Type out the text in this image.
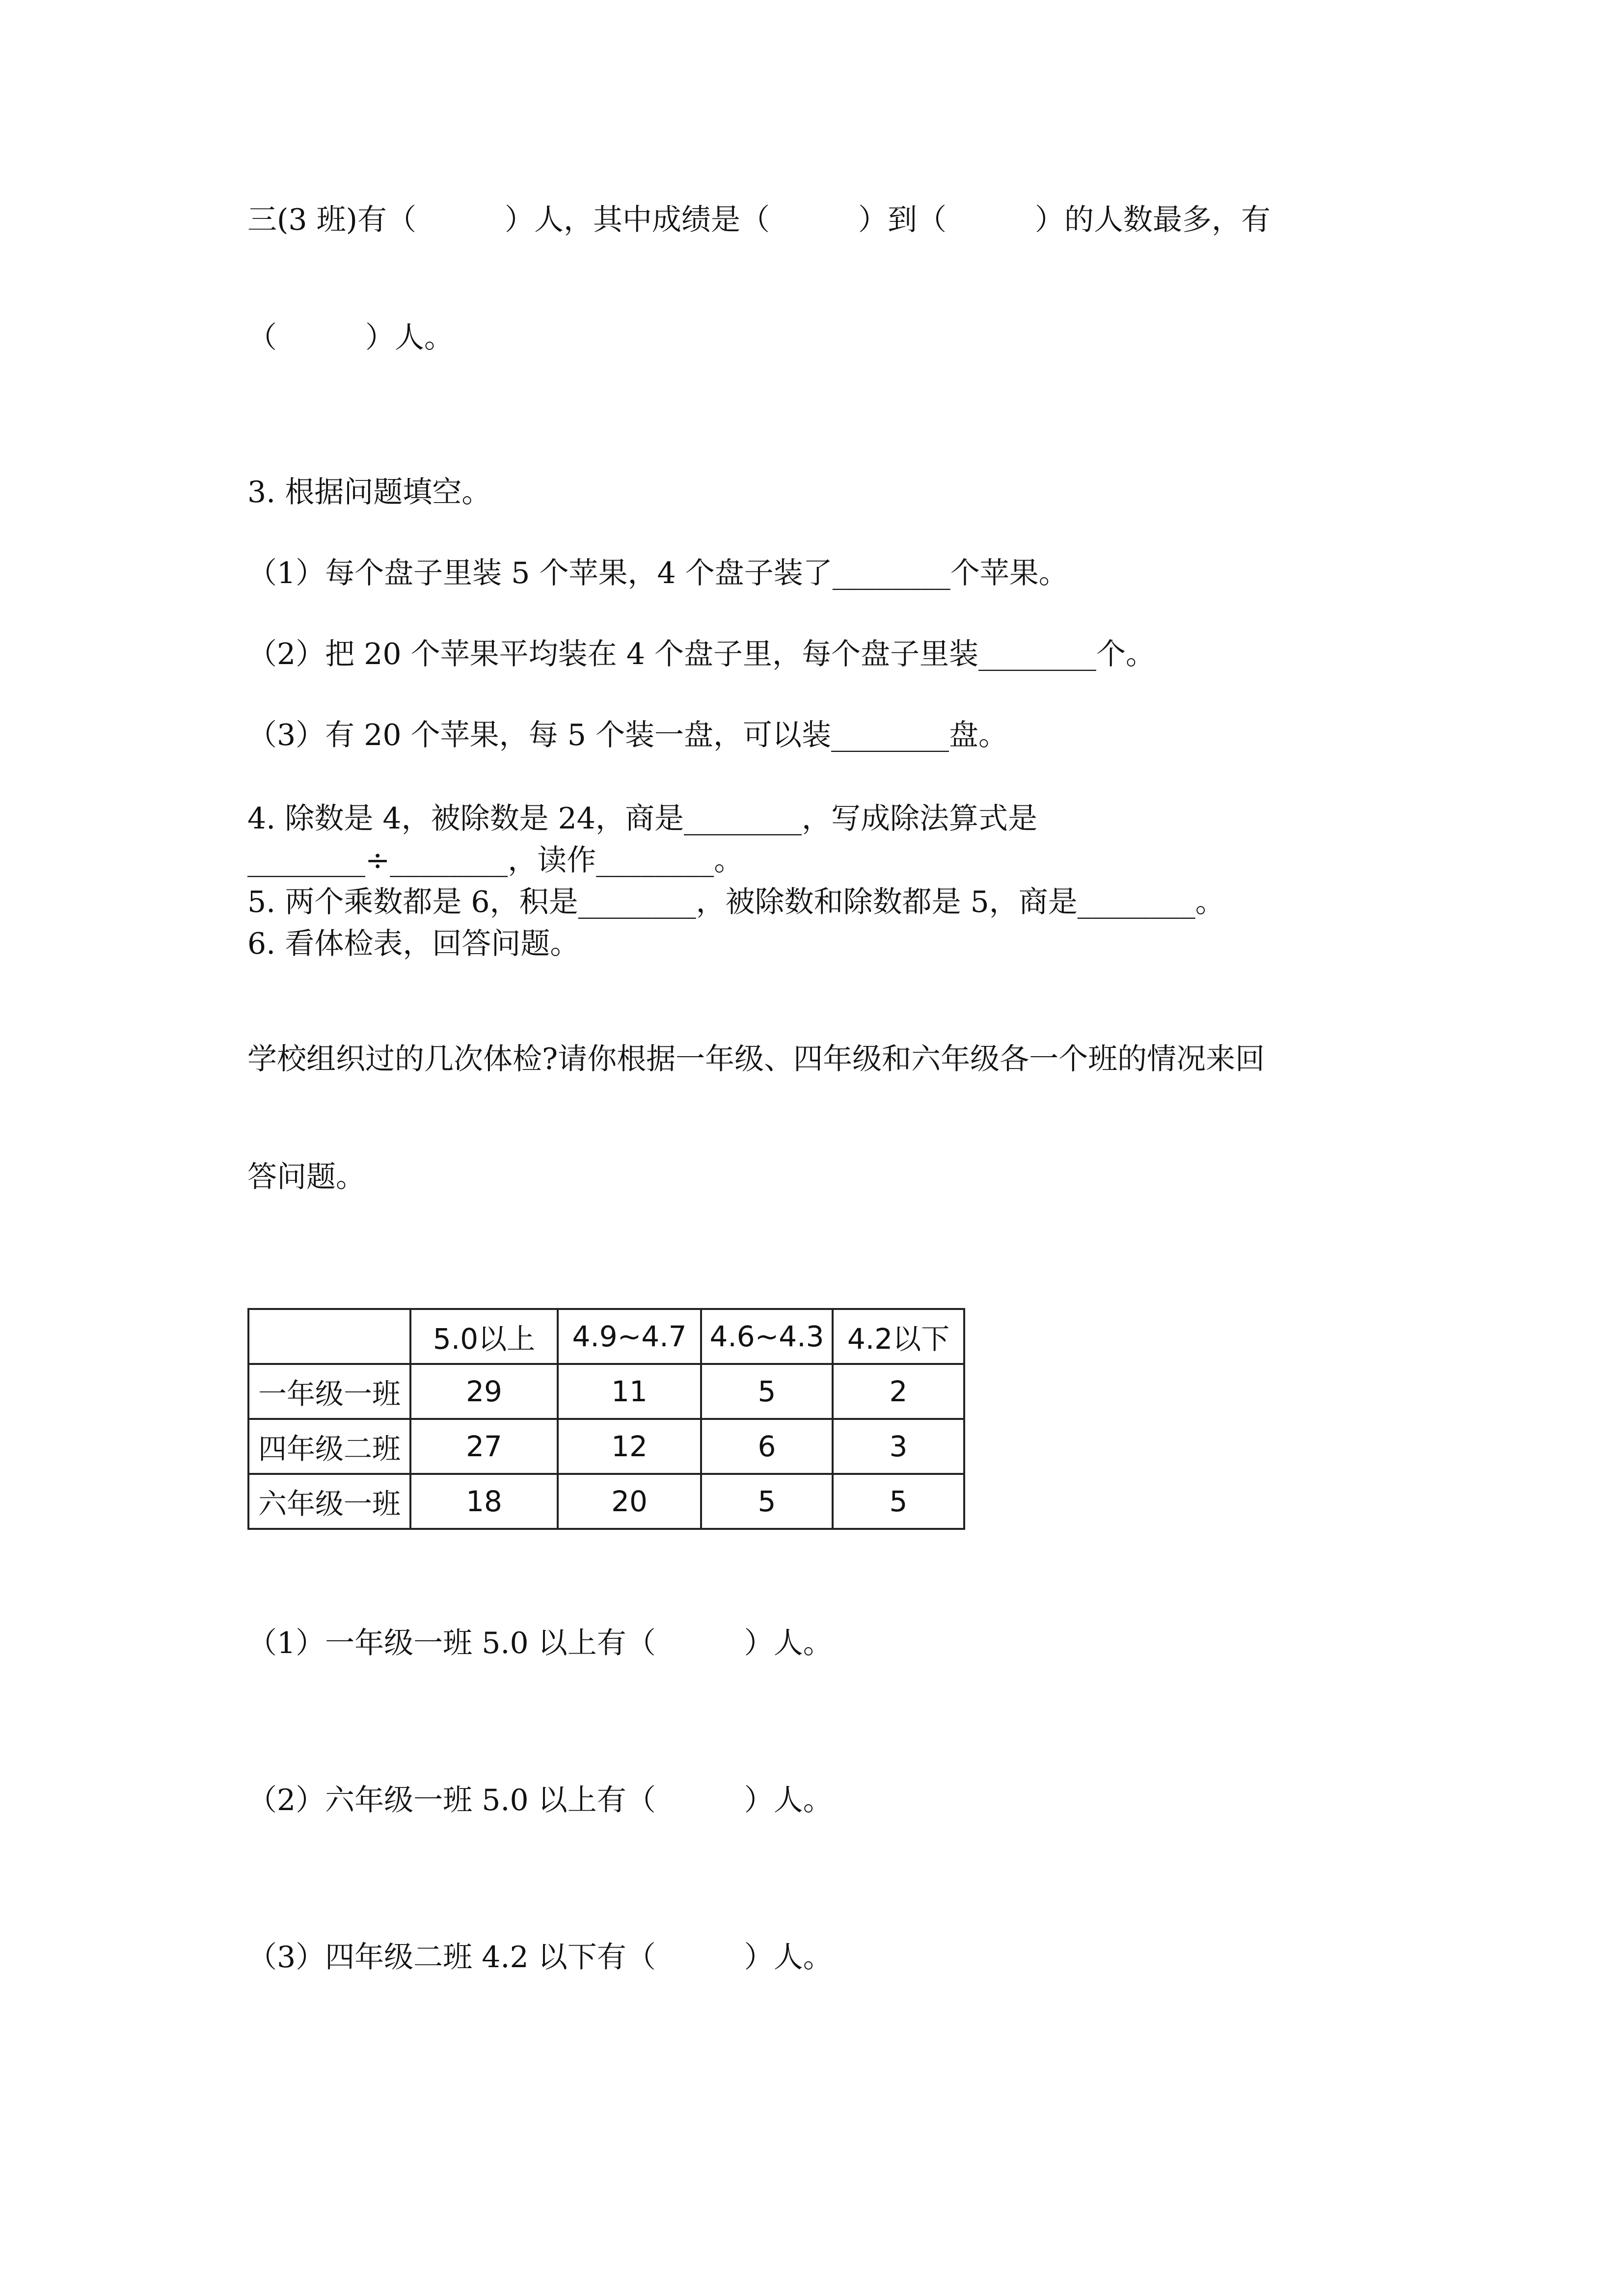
三(3 班)有（　　　）人，其中成绩是（　　　）到（　　　）的人数最多，有
（　　　）人。
3. 根据问题填空。
（1）每个盘子里装 5 个苹果，4 个盘子装了________个苹果。
（2）把 20 个苹果平均装在 4 个盘子里，每个盘子里装________个。
（3）有 20 个苹果，每 5 个装一盘，可以装________盘。
4. 除数是 4，被除数是 24，商是________，写成除法算式是
________÷________，读作________。
5. 两个乘数都是 6，积是________，被除数和除数都是 5，商是________。
6. 看体检表，回答问题。
学校组织过的几次体检?请你根据一年级、四年级和六年级各一个班的情况来回
答问题。
	5.0以上	4.9~4.7	4.6~4.3	4.2以下
一年级一班	29	11	5	2
四年级二班	27	12	6	3
六年级一班	18	20	5	5
（1）一年级一班 5.0 以上有（　　　）人。
（2）六年级一班 5.0 以上有（　　　）人。
（3）四年级二班 4.2 以下有（　　　）人。
